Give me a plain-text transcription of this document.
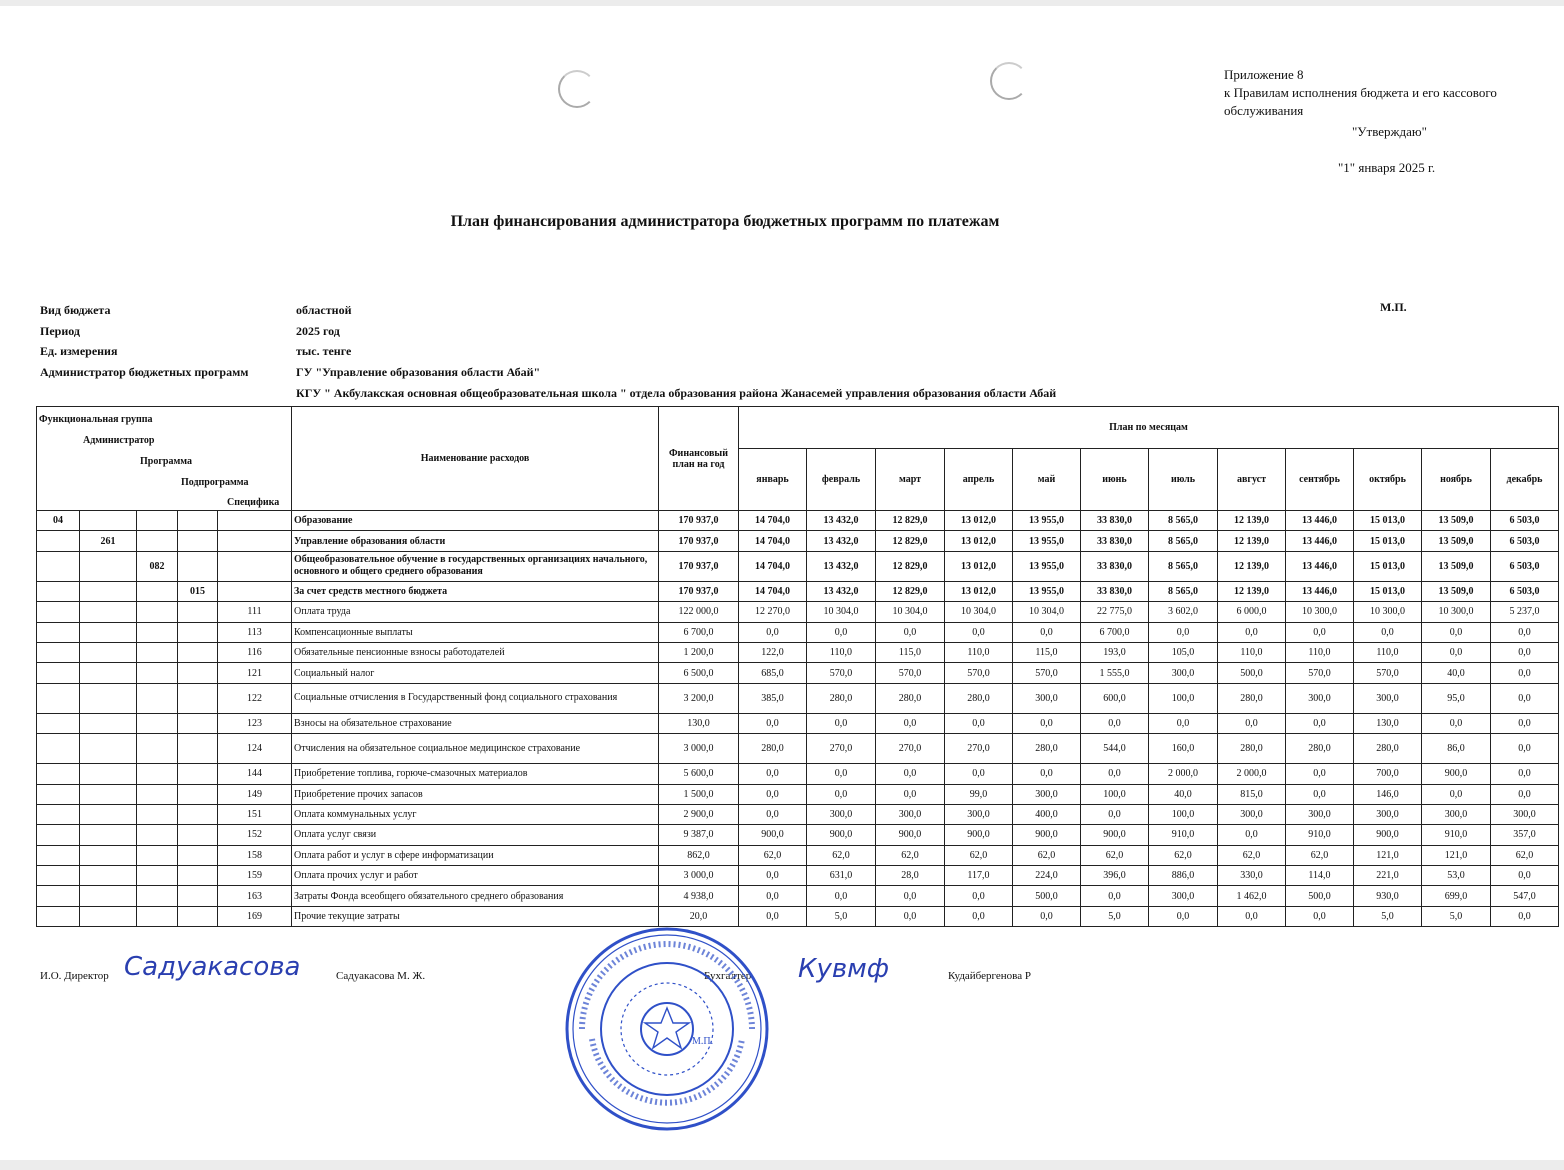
Приложение 8
к Правилам исполнения бюджета и его кассового
обслуживания
"Утверждаю"
"1" января 2025 г.
План финансирования администратора бюджетных программ по платежам
М.П.
Вид бюджета	областной
Период	2025 год
Ед. измерения	тыс. тенге
Администратор бюджетных программ	ГУ "Управление образования области Абай"
КГУ " Акбулакская основная общеобразовательная школа " отдела образования района Жанасемей управления образования области Абай
Функциональная группа
Администратор
Программа
Подпрограмма
Специфика					Наименование расходов	Финансовый план на год	План по месяцам											
							январь	февраль	март	апрель	май	июнь	июль	август	сентябрь	октябрь	ноябрь	декабрь
04					Образование	170 937,0	14 704,0	13 432,0	12 829,0	13 012,0	13 955,0	33 830,0	8 565,0	12 139,0	13 446,0	15 013,0	13 509,0	6 503,0
	261				Управление образования области	170 937,0	14 704,0	13 432,0	12 829,0	13 012,0	13 955,0	33 830,0	8 565,0	12 139,0	13 446,0	15 013,0	13 509,0	6 503,0
		082			Общеобразовательное обучение в государственных организациях начального, основного и общего среднего образования	170 937,0	14 704,0	13 432,0	12 829,0	13 012,0	13 955,0	33 830,0	8 565,0	12 139,0	13 446,0	15 013,0	13 509,0	6 503,0
			015		За счет средств местного бюджета	170 937,0	14 704,0	13 432,0	12 829,0	13 012,0	13 955,0	33 830,0	8 565,0	12 139,0	13 446,0	15 013,0	13 509,0	6 503,0
				111	Оплата труда	122 000,0	12 270,0	10 304,0	10 304,0	10 304,0	10 304,0	22 775,0	3 602,0	6 000,0	10 300,0	10 300,0	10 300,0	5 237,0
				113	Компенсационные выплаты	6 700,0	0,0	0,0	0,0	0,0	0,0	6 700,0	0,0	0,0	0,0	0,0	0,0	0,0
				116	Обязательные пенсионные взносы работодателей	1 200,0	122,0	110,0	115,0	110,0	115,0	193,0	105,0	110,0	110,0	110,0	0,0	0,0
				121	Социальный налог	6 500,0	685,0	570,0	570,0	570,0	570,0	1 555,0	300,0	500,0	570,0	570,0	40,0	0,0
				122	Социальные отчисления в Государственный фонд социального страхования	3 200,0	385,0	280,0	280,0	280,0	300,0	600,0	100,0	280,0	300,0	300,0	95,0	0,0
				123	Взносы на обязательное страхование	130,0	0,0	0,0	0,0	0,0	0,0	0,0	0,0	0,0	0,0	130,0	0,0	0,0
				124	Отчисления на обязательное социальное медицинское страхование	3 000,0	280,0	270,0	270,0	270,0	280,0	544,0	160,0	280,0	280,0	280,0	86,0	0,0
				144	Приобретение топлива, горюче-смазочных материалов	5 600,0	0,0	0,0	0,0	0,0	0,0	0,0	2 000,0	2 000,0	0,0	700,0	900,0	0,0
				149	Приобретение прочих запасов	1 500,0	0,0	0,0	0,0	99,0	300,0	100,0	40,0	815,0	0,0	146,0	0,0	0,0
				151	Оплата коммунальных услуг	2 900,0	0,0	300,0	300,0	300,0	400,0	0,0	100,0	300,0	300,0	300,0	300,0	300,0
				152	Оплата услуг связи	9 387,0	900,0	900,0	900,0	900,0	900,0	900,0	910,0	0,0	910,0	900,0	910,0	357,0
				158	Оплата работ и услуг в сфере информатизации	862,0	62,0	62,0	62,0	62,0	62,0	62,0	62,0	62,0	62,0	121,0	121,0	62,0
				159	Оплата прочих услуг и работ	3 000,0	0,0	631,0	28,0	117,0	224,0	396,0	886,0	330,0	114,0	221,0	53,0	0,0
				163	Затраты Фонда всеобщего обязательного среднего образования	4 938,0	0,0	0,0	0,0	0,0	500,0	0,0	300,0	1 462,0	500,0	930,0	699,0	547,0
				169	Прочие текущие затраты	20,0	0,0	5,0	0,0	0,0	0,0	5,0	0,0	0,0	0,0	5,0	5,0	0,0
И.О. Директор Садуакасова	Садуакасова М. Ж.	Бухгалтер Кувмф	Кудайбергенова Р
М.П.
